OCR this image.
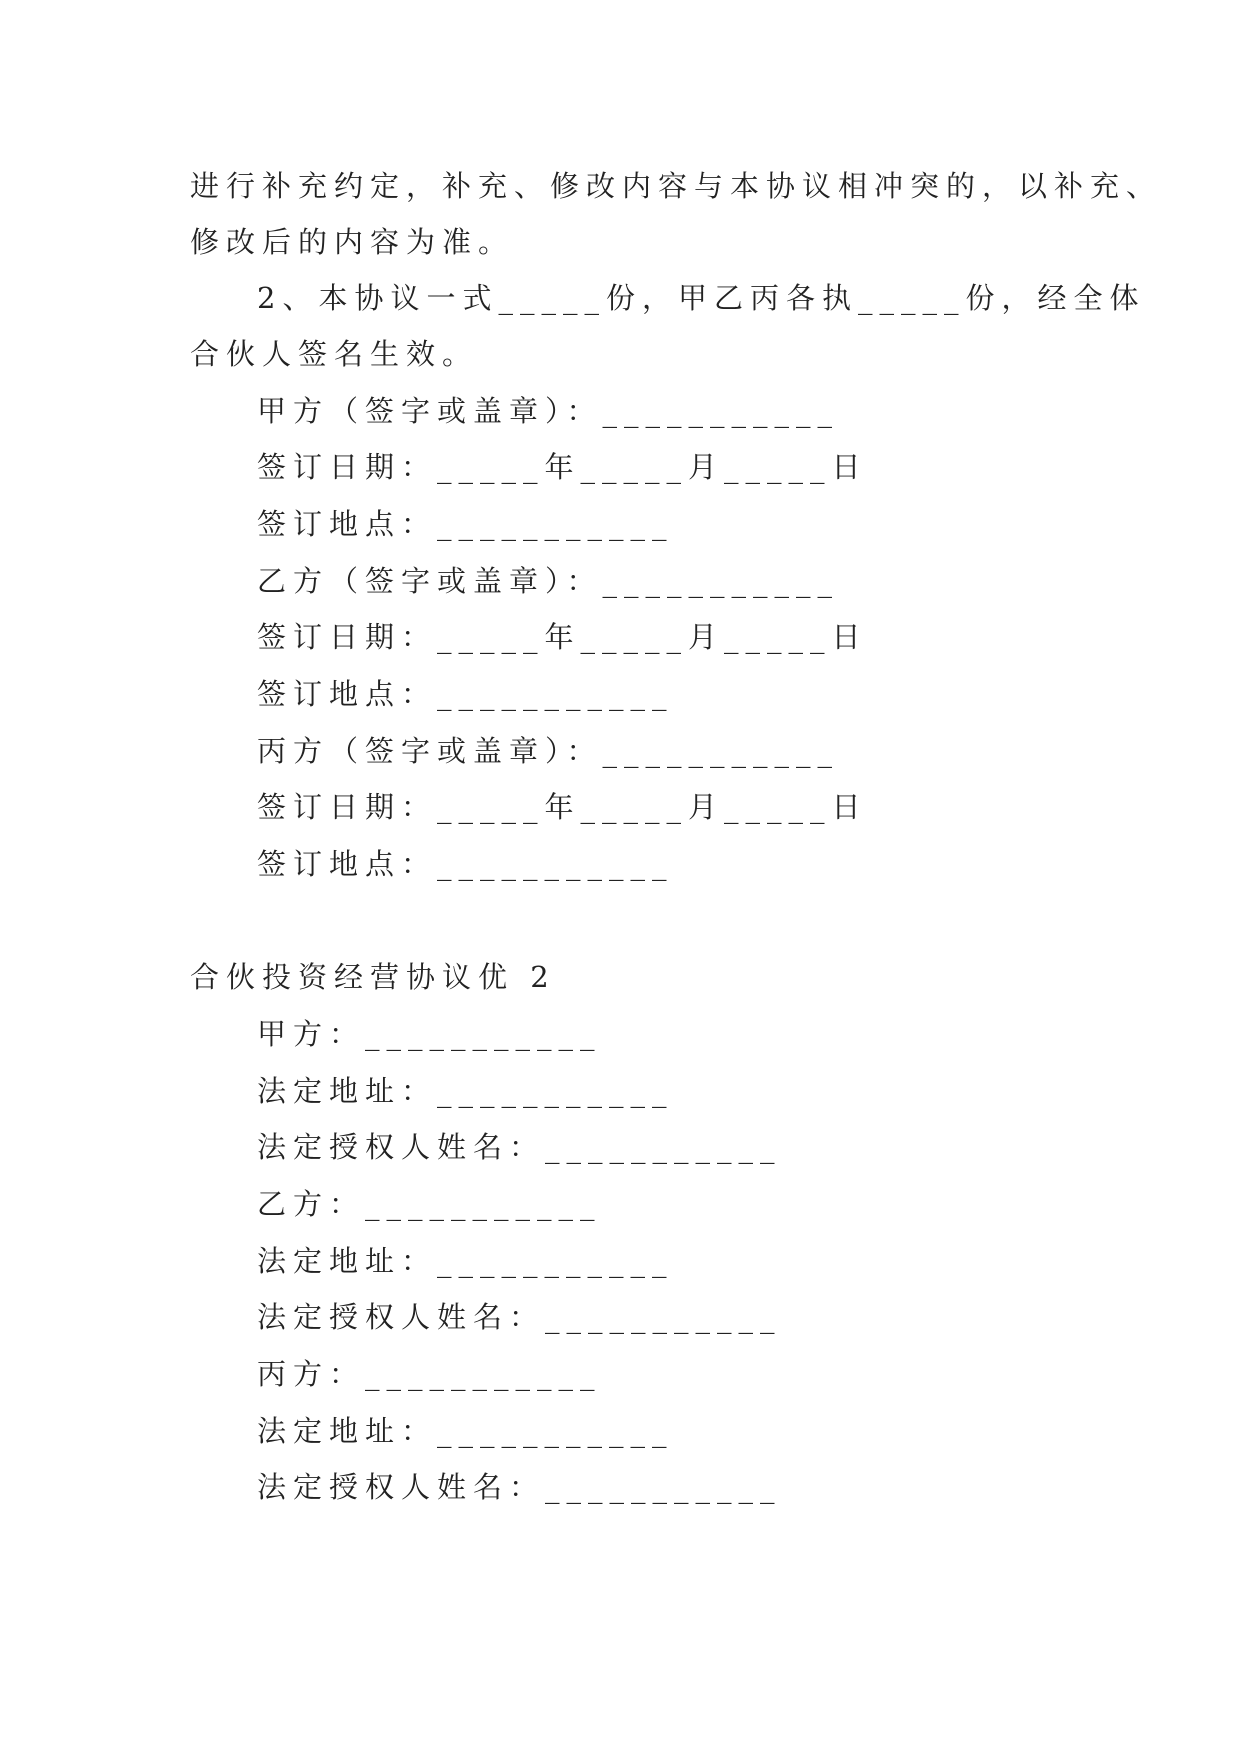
进行补充约定，补充、修改内容与本协议相冲突的，以补充、
修改后的内容为准。
2、本协议一式_____份，甲乙丙各执_____份，经全体
合伙人签名生效。
甲方（签字或盖章）：___________
签订日期：_____年_____月_____日
签订地点：___________
乙方（签字或盖章）：___________
签订日期：_____年_____月_____日
签订地点：___________
丙方（签字或盖章）：___________
签订日期：_____年_____月_____日
签订地点：___________
合伙投资经营协议优 2
甲方：___________
法定地址：___________
法定授权人姓名：___________
乙方：___________
法定地址：___________
法定授权人姓名：___________
丙方：___________
法定地址：___________
法定授权人姓名：___________
